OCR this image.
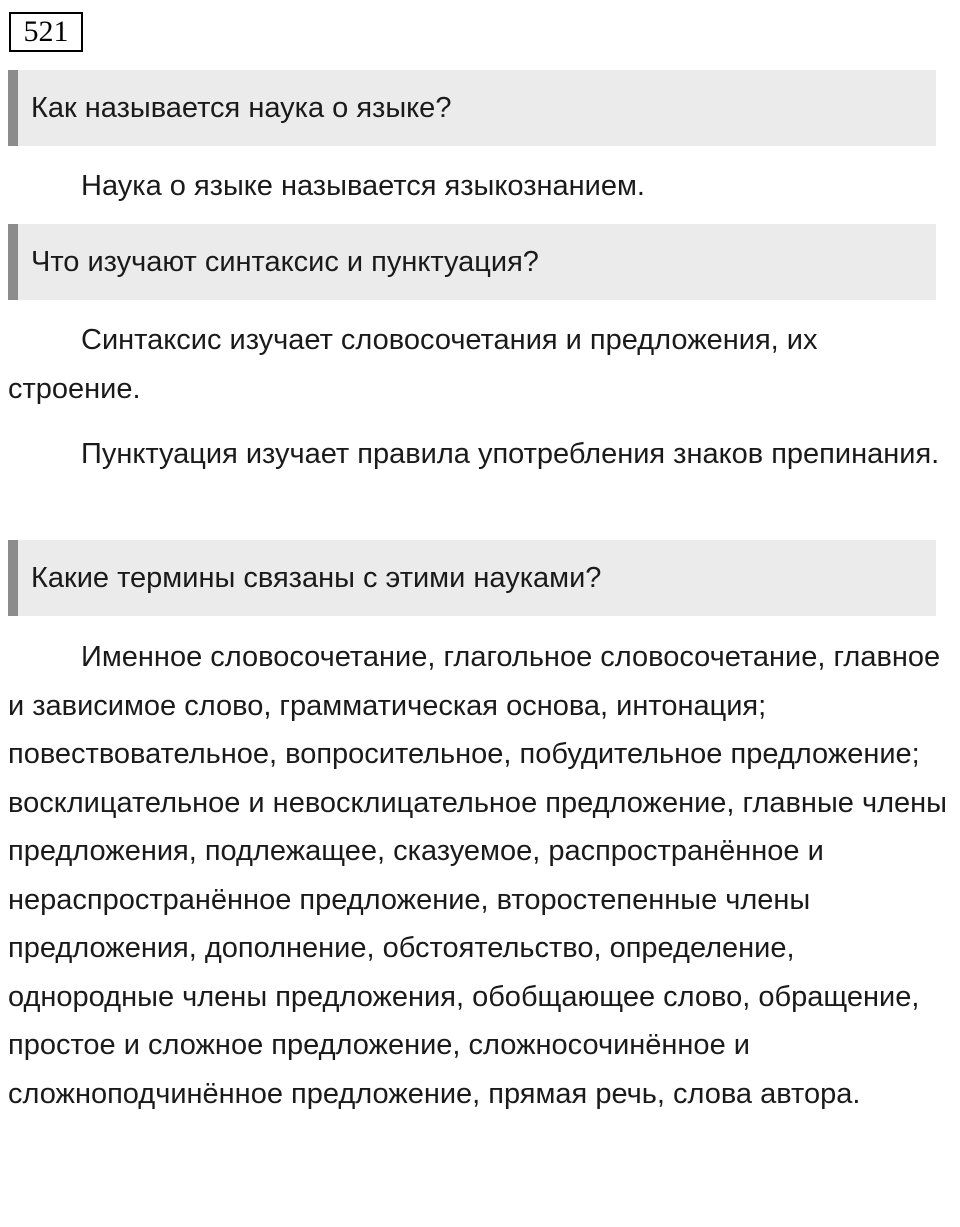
521
Как называется наука о языке?

Наука о языке называется языкознанием.

Что изучают синтаксис и пунктуация?

Синтаксис изучает словосочетания и предложения, их строение.

Пунктуация изучает правила употребления знаков препинания.

Какие термины связаны с этими науками?

Именное словосочетание, глагольное словосочетание, главное и зависимое слово, грамматическая основа, интонация; повествовательное, вопросительное, побудительное предложение; восклицательное и невосклицательное предложение, главные члены предложения, подлежащее, сказуемое, распространённое и нераспространённое предложение, второстепенные члены предложения, дополнение, обстоятельство, определение, однородные члены предложения, обобщающее слово, обращение, простое и сложное предложение, сложносочинённое и сложноподчинённое предложение, прямая речь, слова автора.
